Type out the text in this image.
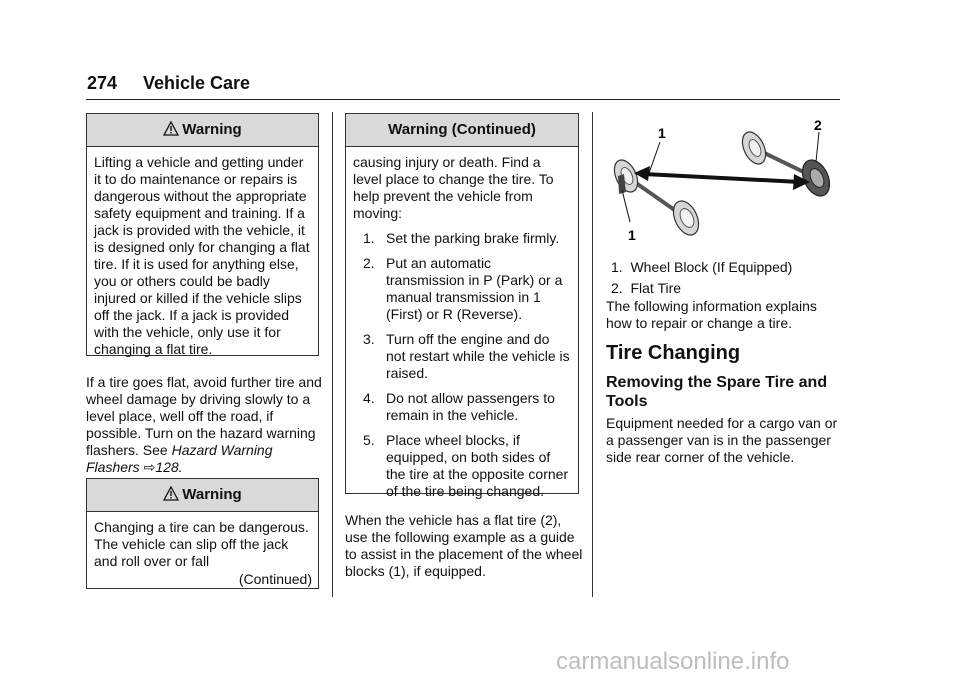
274 Vehicle Care
Warning

Lifting a vehicle and getting under it to do maintenance or repairs is dangerous without the appropriate safety equipment and training. If a jack is provided with the vehicle, it is designed only for changing a flat tire. If it is used for anything else, you or others could be badly injured or killed if the vehicle slips off the jack. If a jack is provided with the vehicle, only use it for changing a flat tire.

If a tire goes flat, avoid further tire and wheel damage by driving slowly to a level place, well off the road, if possible. Turn on the hazard warning flashers. See Hazard Warning Flashers ⇨128.
Warning

Changing a tire can be dangerous. The vehicle can slip off the jack and roll over or fall

(Continued)

Warning (Continued)

causing injury or death. Find a level place to change the tire. To help prevent the vehicle from moving:

1. Set the parking brake firmly.
2. Put an automatic transmission in P (Park) or a manual transmission in 1 (First) or R (Reverse).
3. Turn off the engine and do not restart while the vehicle is raised.
4. Do not allow passengers to remain in the vehicle.
5. Place wheel blocks, if equipped, on both sides of the tire at the opposite corner of the tire being changed.
When the vehicle has a flat tire (2), use the following example as a guide to assist in the placement of the wheel blocks (1), if equipped.
1
1
2
1. Wheel Block (If Equipped)
2. Flat Tire
The following information explains how to repair or change a tire.
Tire Changing
Removing the Spare Tire and Tools
Equipment needed for a cargo van or a passenger van is in the passenger side rear corner of the vehicle.
carmanualsonline.info
